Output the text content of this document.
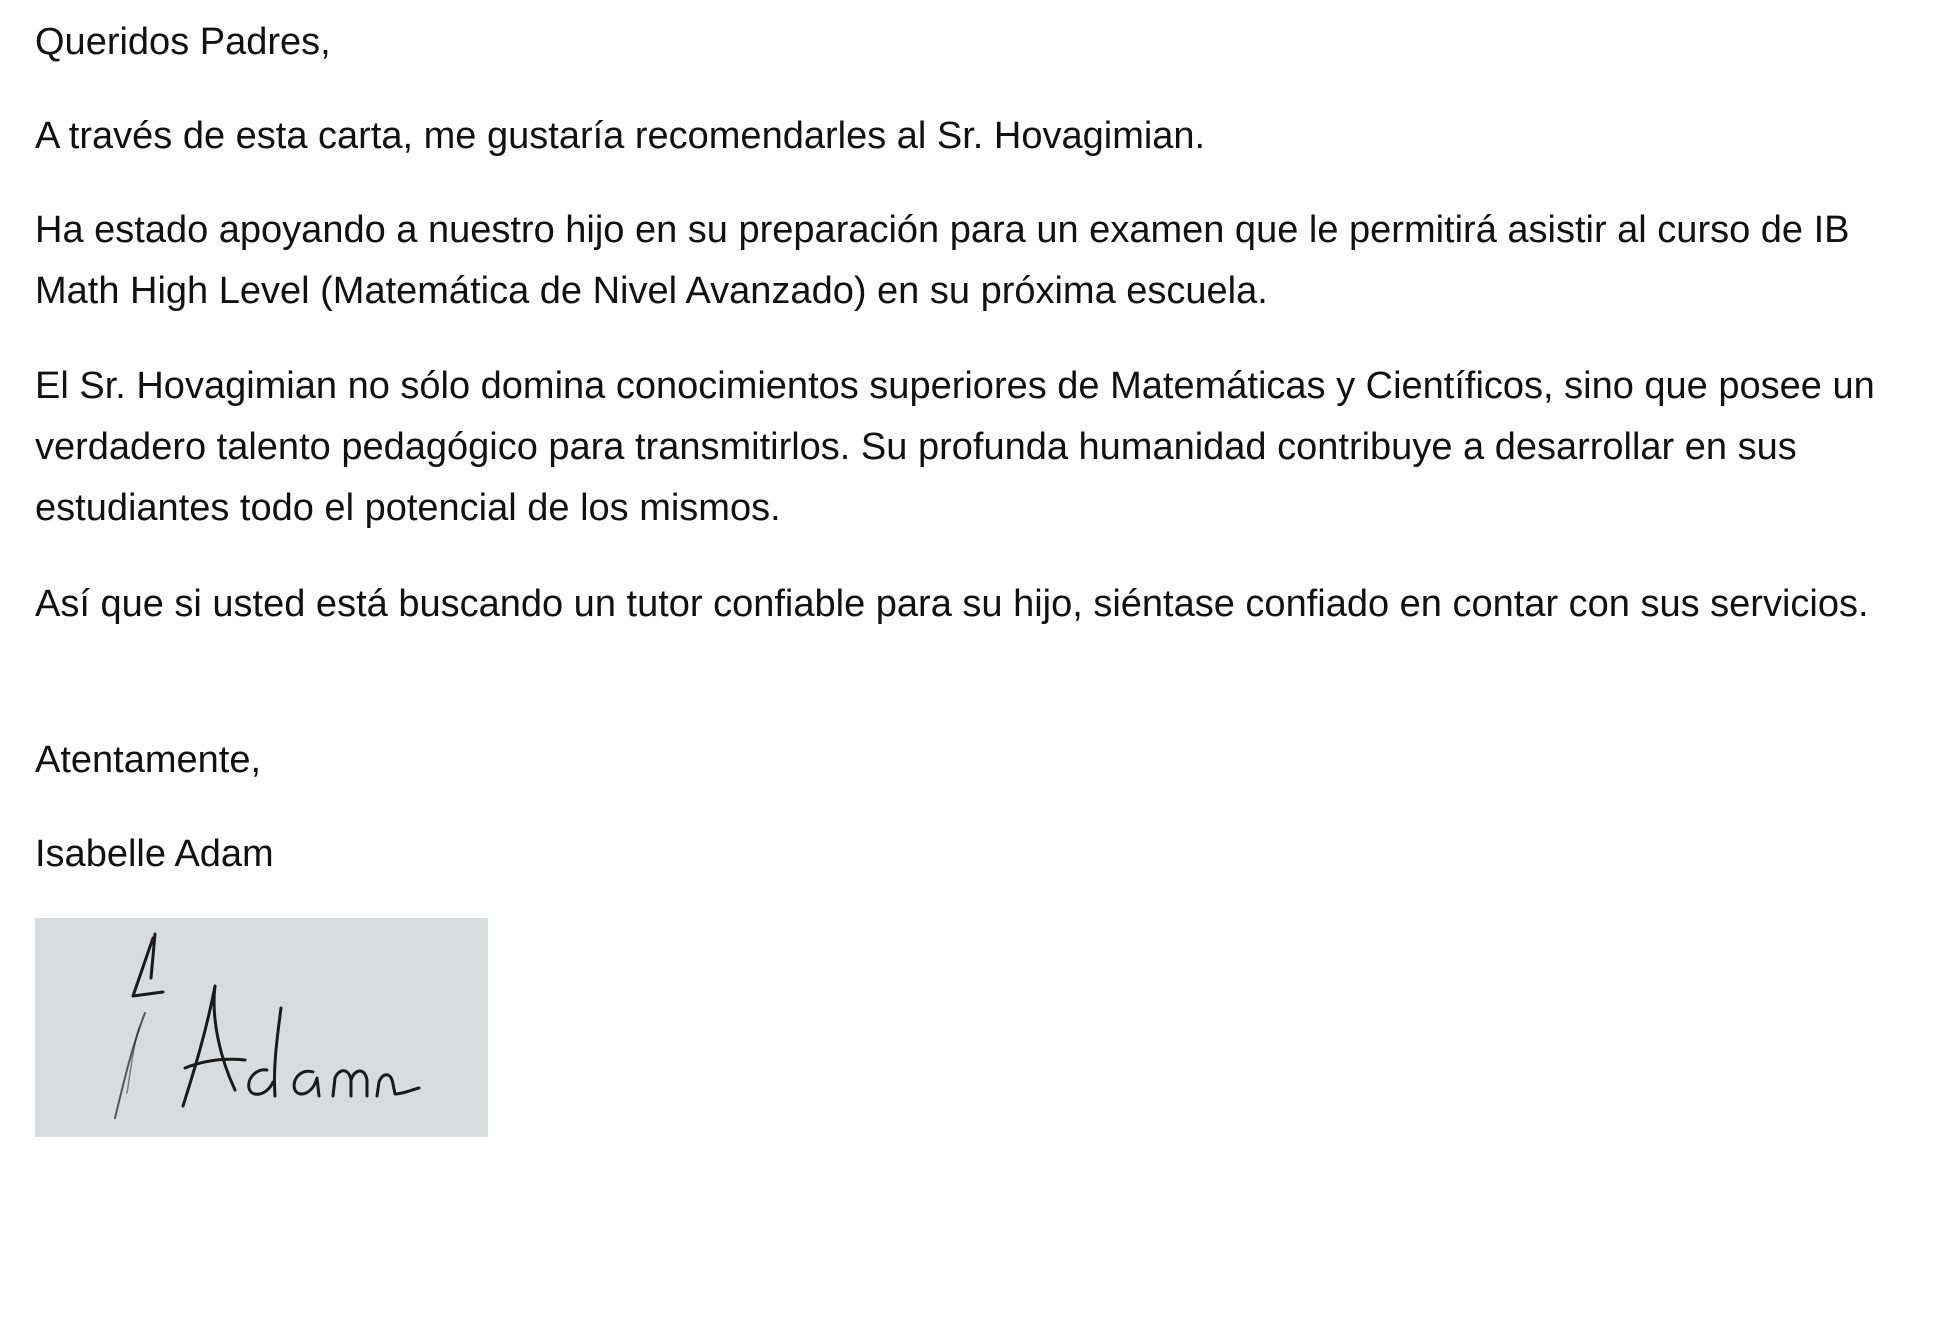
Queridos Padres,

A través de esta carta, me gustaría recomendarles al Sr. Hovagimian.

Ha estado apoyando a nuestro hijo en su preparación para un examen que le permitirá asistir al curso de IB Math High Level (Matemática de Nivel Avanzado) en su próxima escuela.

El Sr. Hovagimian no sólo domina conocimientos superiores de Matemáticas y Científicos, sino que posee un verdadero talento pedagógico para transmitirlos. Su profunda humanidad contribuye a desarrollar en sus estudiantes todo el potencial de los mismos.

Así que si usted está buscando un tutor confiable para su hijo, siéntase confiado en contar con sus servicios.

Atentamente,

Isabelle Adam
